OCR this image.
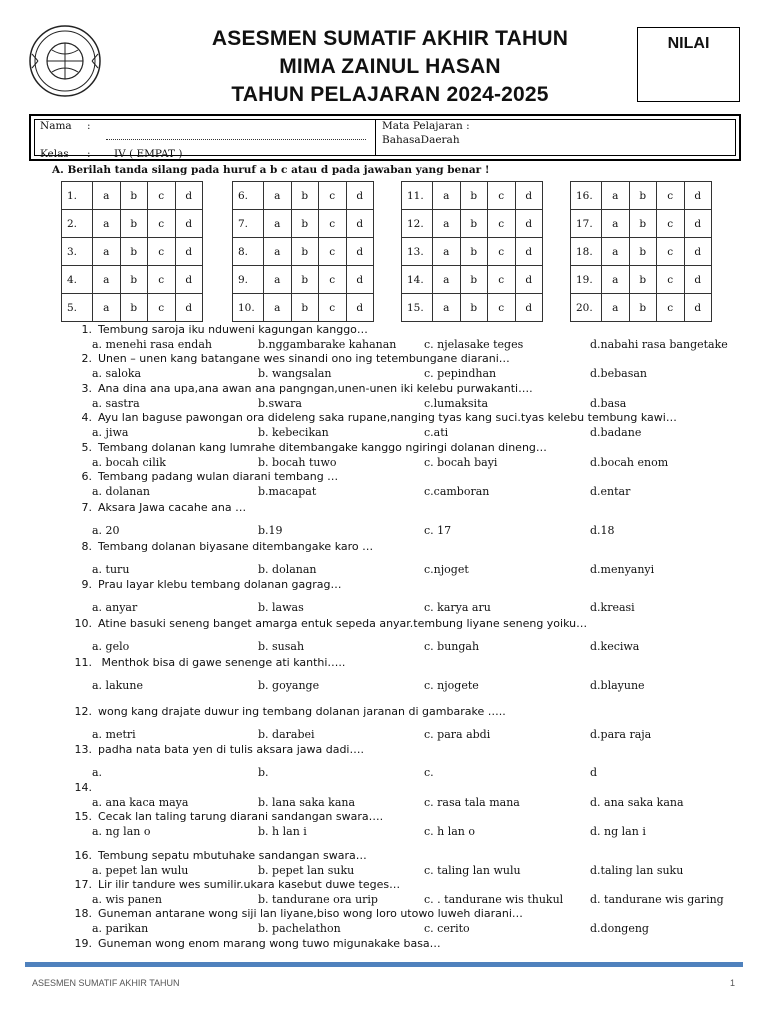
ASESMEN SUMATIF AKHIR TAHUN
MIMA ZAINUL HASAN
TAHUN PELAJARAN 2024-2025
NILAI
Nama :
Kelas : IV ( EMPAT )
Mata Pelajaran :
BahasaDaerah
A. Berilah tanda silang pada huruf a b c atau d pada jawaban yang benar !
1.	a	b	c	d
2.	a	b	c	d
3.	a	b	c	d
4.	a	b	c	d
5.	a	b	c	d
6.	a	b	c	d
7.	a	b	c	d
8.	a	b	c	d
9.	a	b	c	d
10.	a	b	c	d
11.	a	b	c	d
12.	a	b	c	d
13.	a	b	c	d
14.	a	b	c	d
15.	a	b	c	d
16.	a	b	c	d
17.	a	b	c	d
18.	a	b	c	d
19.	a	b	c	d
20.	a	b	c	d
1. Tembung saroja iku nduweni kagungan kanggo…
a. menehi rasa endah	b.nggambarake kahanan	c. njelasake teges	d.nabahi rasa bangetake
2. Unen – unen kang batangane wes sinandi ono ing tetembungane diarani…
a. saloka	b. wangsalan	c. pepindhan	d.bebasan
3. Ana dina ana upa,ana awan ana pangngan,unen-unen iki kelebu purwakanti….
a. sastra	b.swara	c.lumaksita	d.basa
4. Ayu lan baguse pawongan ora dideleng saka rupane,nanging tyas kang suci.tyas kelebu tembung kawi…
a. jiwa	b. kebecikan	c.ati	d.badane
5. Tembang dolanan kang lumrahe ditembangake kanggo ngiringi dolanan dineng…
a. bocah cilik	b. bocah tuwo	c. bocah bayi	d.bocah enom
6. Tembang padang wulan diarani tembang …
a. dolanan	b.macapat	c.camboran	d.entar
7. Aksara Jawa cacahe ana …
a. 20	b.19	c. 17	d.18
8. Tembang dolanan biyasane ditembangake karo …
a. turu	b. dolanan	c.njoget	d.menyanyi
9. Prau layar klebu tembang dolanan gagrag…
a. anyar	b. lawas	c. karya aru	d.kreasi
10. Atine basuki seneng banget amarga entuk sepeda anyar.tembung liyane seneng yoiku…
a. gelo	b. susah	c. bungah	d.keciwa
11. Menthok bisa di gawe senenge ati kanthi…..
a. lakune	b. goyange	c. njogete	d.blayune
12. wong kang drajate duwur ing tembang dolanan jaranan di gambarake …..
a. metri	b. darabei	c. para abdi	d.para raja
13. padha nata bata yen di tulis aksara jawa dadi….
a.	b.	c.	d
14.
a. ana kaca maya	b. lana saka kana	c. rasa tala mana	d. ana saka kana
15. Cecak lan taling tarung diarani sandangan swara….
a. ng lan o	b. h lan i	c. h lan o	d. ng lan i
16. Tembung sepatu mbutuhake sandangan swara…
a. pepet lan wulu	b. pepet lan suku	c. taling lan wulu	d.taling lan suku
17. Lir ilir tandure wes sumilir.ukara kasebut duwe teges…
a. wis panen	b. tandurane ora urip	c. . tandurane wis thukul d. tandurane wis garing
18. Guneman antarane wong siji lan liyane,biso wong loro utowo luweh diarani…
a. parikan	b. pachelathon	c. cerito	d.dongeng
19. Guneman wong enom marang wong tuwo migunakake basa…
ASESMEN SUMATIF AKHIR TAHUN	1
